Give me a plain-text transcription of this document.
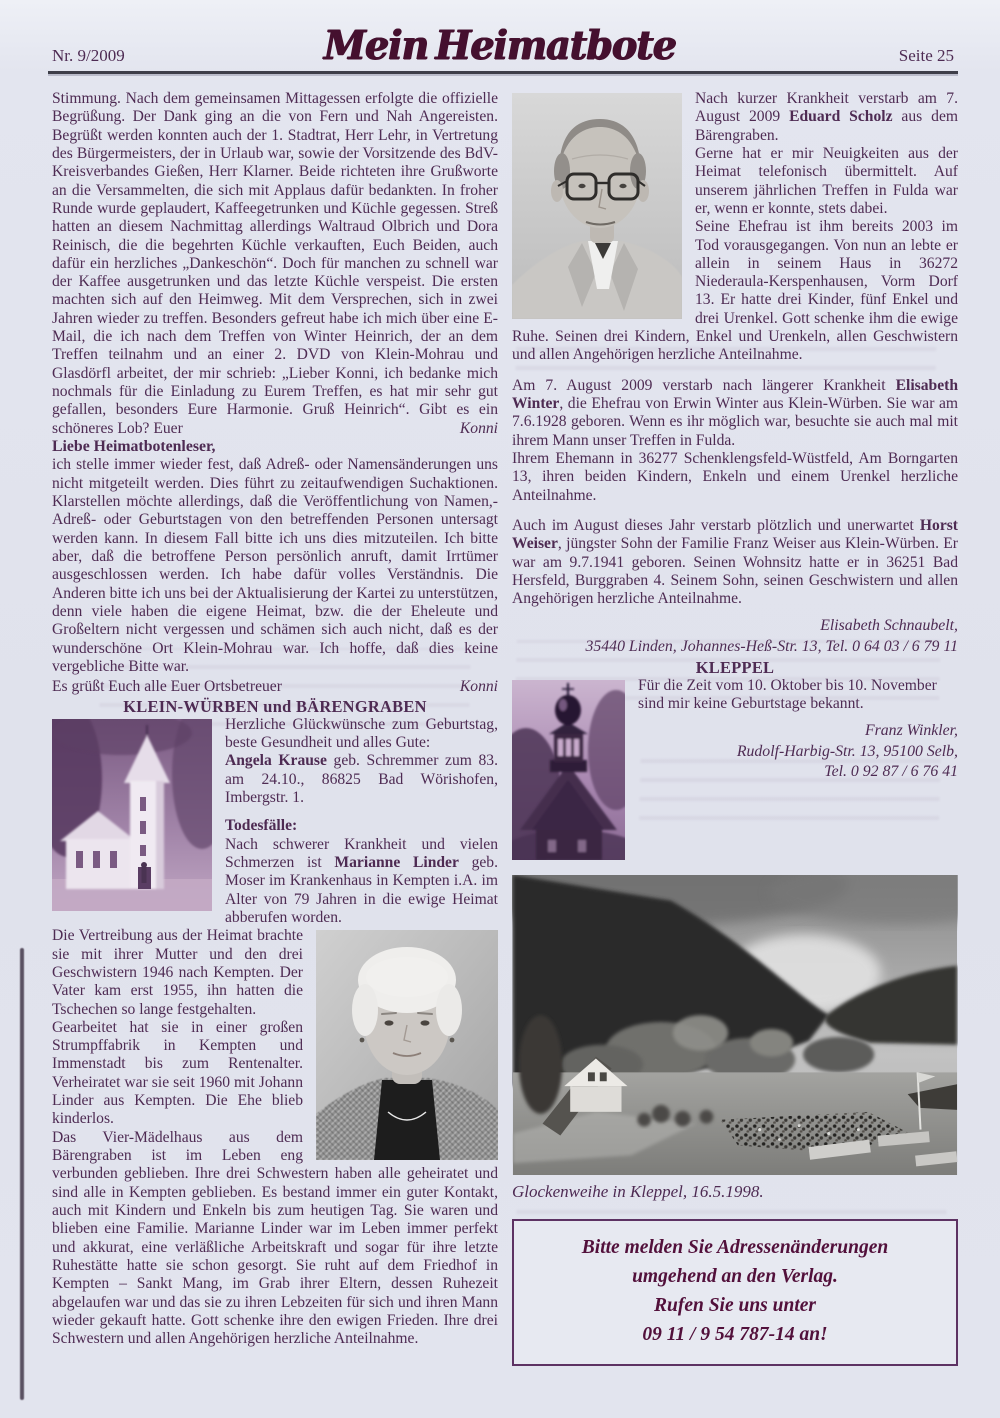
Nr. 9/2009	Mein Heimatbote	Seite 25

Stimmung. Nach dem gemeinsamen Mittagessen erfolgte die offizielle Begrüßung. Der Dank ging an die von Fern und Nah Angereisten. Begrüßt werden konnten auch der 1. Stadtrat, Herr Lehr, in Vertretung des Bürgermeisters, der in Urlaub war, sowie der Vorsitzende des BdV-Kreisverbandes Gießen, Herr Klarner. Beide richteten ihre Grußworte an die Versammelten, die sich mit Applaus dafür bedankten. In froher Runde wurde geplaudert, Kaffeegetrunken und Küchle gegessen. Streß hatten an diesem Nachmittag allerdings Waltraud Olbrich und Dora Reinisch, die die begehrten Küchle verkauften, Euch Beiden, auch dafür ein herzliches „Dankeschön“. Doch für manchen zu schnell war der Kaffee ausgetrunken und das letzte Küchle verspeist. Die ersten machten sich auf den Heimweg. Mit dem Versprechen, sich in zwei Jahren wieder zu treffen. Besonders gefreut habe ich mich über eine E-Mail, die ich nach dem Treffen von Winter Heinrich, der an dem Treffen teilnahm und an einer 2. DVD von Klein-Mohrau und Glasdörfl arbeitet, der mir schrieb: „Lieber Konni, ich bedanke mich nochmals für die Einladung zu Eurem Treffen, es hat mir sehr gut gefallen, besonders Eure Harmonie. Gruß Heinrich“. Gibt es ein schöneres Lob? Euer	Konni

Liebe Heimatbotenleser,

ich stelle immer wieder fest, daß Adreß- oder Namensänderungen uns nicht mitgeteilt werden. Dies führt zu zeitaufwendigen Suchaktionen. Klarstellen möchte allerdings, daß die Veröffentlichung von Namen,- Adreß- oder Geburtstagen von den betreffenden Personen untersagt werden kann. In diesem Fall bitte ich uns dies mitzuteilen. Ich bitte aber, daß die betroffene Person persönlich anruft, damit Irrtümer ausgeschlossen werden. Ich habe dafür volles Verständnis. Die Anderen bitte ich uns bei der Aktualisierung der Kartei zu unterstützen, denn viele haben die eigene Heimat, bzw. die der Eheleute und Großeltern nicht vergessen und schämen sich auch nicht, daß es der wunderschöne Ort Klein-Mohrau war. Ich hoffe, daß dies keine vergebliche Bitte war.

Es grüßt Euch alle Euer Ortsbetreuer	Konni

KLEIN-WÜRBEN und BÄRENGRABEN

Herzliche Glückwünsche zum Geburtstag, beste Gesundheit und alles Gute:

Angela Krause geb. Schremmer zum 83. am 24.10., 86825 Bad Wörishofen, Imbergstr. 1.

Todesfälle:

Nach schwerer Krankheit und vielen Schmerzen ist Marianne Linder geb. Moser im Krankenhaus in Kempten i.A. im Alter von 79 Jahren in die ewige Heimat abberufen worden.

Die Vertreibung aus der Heimat brachte sie mit ihrer Mutter und den drei Geschwistern 1946 nach Kempten. Der Vater kam erst 1955, ihn hatten die Tschechen so lange festgehalten.

Gearbeitet hat sie in einer großen Strumpffabrik in Kempten und Immenstadt bis zum Rentenalter. Verheiratet war sie seit 1960 mit Johann Linder aus Kempten. Die Ehe blieb kinderlos.

Das Vier-Mädelhaus aus dem Bärengraben ist im Leben eng verbunden geblieben. Ihre drei Schwestern haben alle geheiratet und sind alle in Kempten geblieben. Es bestand immer ein guter Kontakt, auch mit Kindern und Enkeln bis zum heutigen Tag. Sie waren und blieben eine Familie. Marianne Linder war im Leben immer perfekt und akkurat, eine verläßliche Arbeitskraft und sogar für ihre letzte Ruhestätte hatte sie schon gesorgt. Sie ruht auf dem Friedhof in Kempten – Sankt Mang, im Grab ihrer Eltern, dessen Ruhezeit abgelaufen war und das sie zu ihren Lebzeiten für sich und ihren Mann wieder gekauft hatte. Gott schenke ihre den ewigen Frieden. Ihre drei Schwestern und allen Angehörigen herzliche Anteilnahme.

Nach kurzer Krankheit verstarb am 7. August 2009 Eduard Scholz aus dem Bärengraben.

Gerne hat er mir Neuigkeiten aus der Heimat telefonisch übermittelt. Auf unserem jährlichen Treffen in Fulda war er, wenn er konnte, stets dabei.

Seine Ehefrau ist ihm bereits 2003 im Tod vorausgegangen. Von nun an lebte er allein in seinem Haus in 36272 Niederaula-Kerspenhausen, Vorm Dorf 13. Er hatte drei Kinder, fünf Enkel und drei Urenkel. Gott schenke ihm die ewige Ruhe. Seinen drei Kindern, Enkel und Urenkeln, allen Geschwistern und allen Angehörigen herzliche Anteilnahme.

Am 7. August 2009 verstarb nach längerer Krankheit Elisabeth Winter, die Ehefrau von Erwin Winter aus Klein-Würben. Sie war am 7.6.1928 geboren. Wenn es ihr möglich war, besuchte sie auch mal mit ihrem Mann unser Treffen in Fulda.

Ihrem Ehemann in 36277 Schenklengsfeld-Wüstfeld, Am Borngarten 13, ihren beiden Kindern, Enkeln und einem Urenkel herzliche Anteilnahme.

Auch im August dieses Jahr verstarb plötzlich und unerwartet Horst Weiser, jüngster Sohn der Familie Franz Weiser aus Klein-Würben. Er war am 9.7.1941 geboren. Seinen Wohnsitz hatte er in 36251 Bad Hersfeld, Burggraben 4. Seinem Sohn, seinen Geschwistern und allen Angehörigen herzliche Anteilnahme.

Elisabeth Schnaubelt,
35440 Linden, Johannes-Heß-Str. 13, Tel. 0 64 03 / 6 79 11

KLEPPEL

Für die Zeit vom 10. Oktober bis 10. November sind mir keine Geburtstage bekannt.

Franz Winkler,
Rudolf-Harbig-Str. 13, 95100 Selb,
Tel. 0 92 87 / 6 76 41
Glockenweihe in Kleppel, 16.5.1998.
Bitte melden Sie Adressenänderungen
umgehend an den Verlag.
Rufen Sie uns unter
09 11 / 9 54 787-14 an!
